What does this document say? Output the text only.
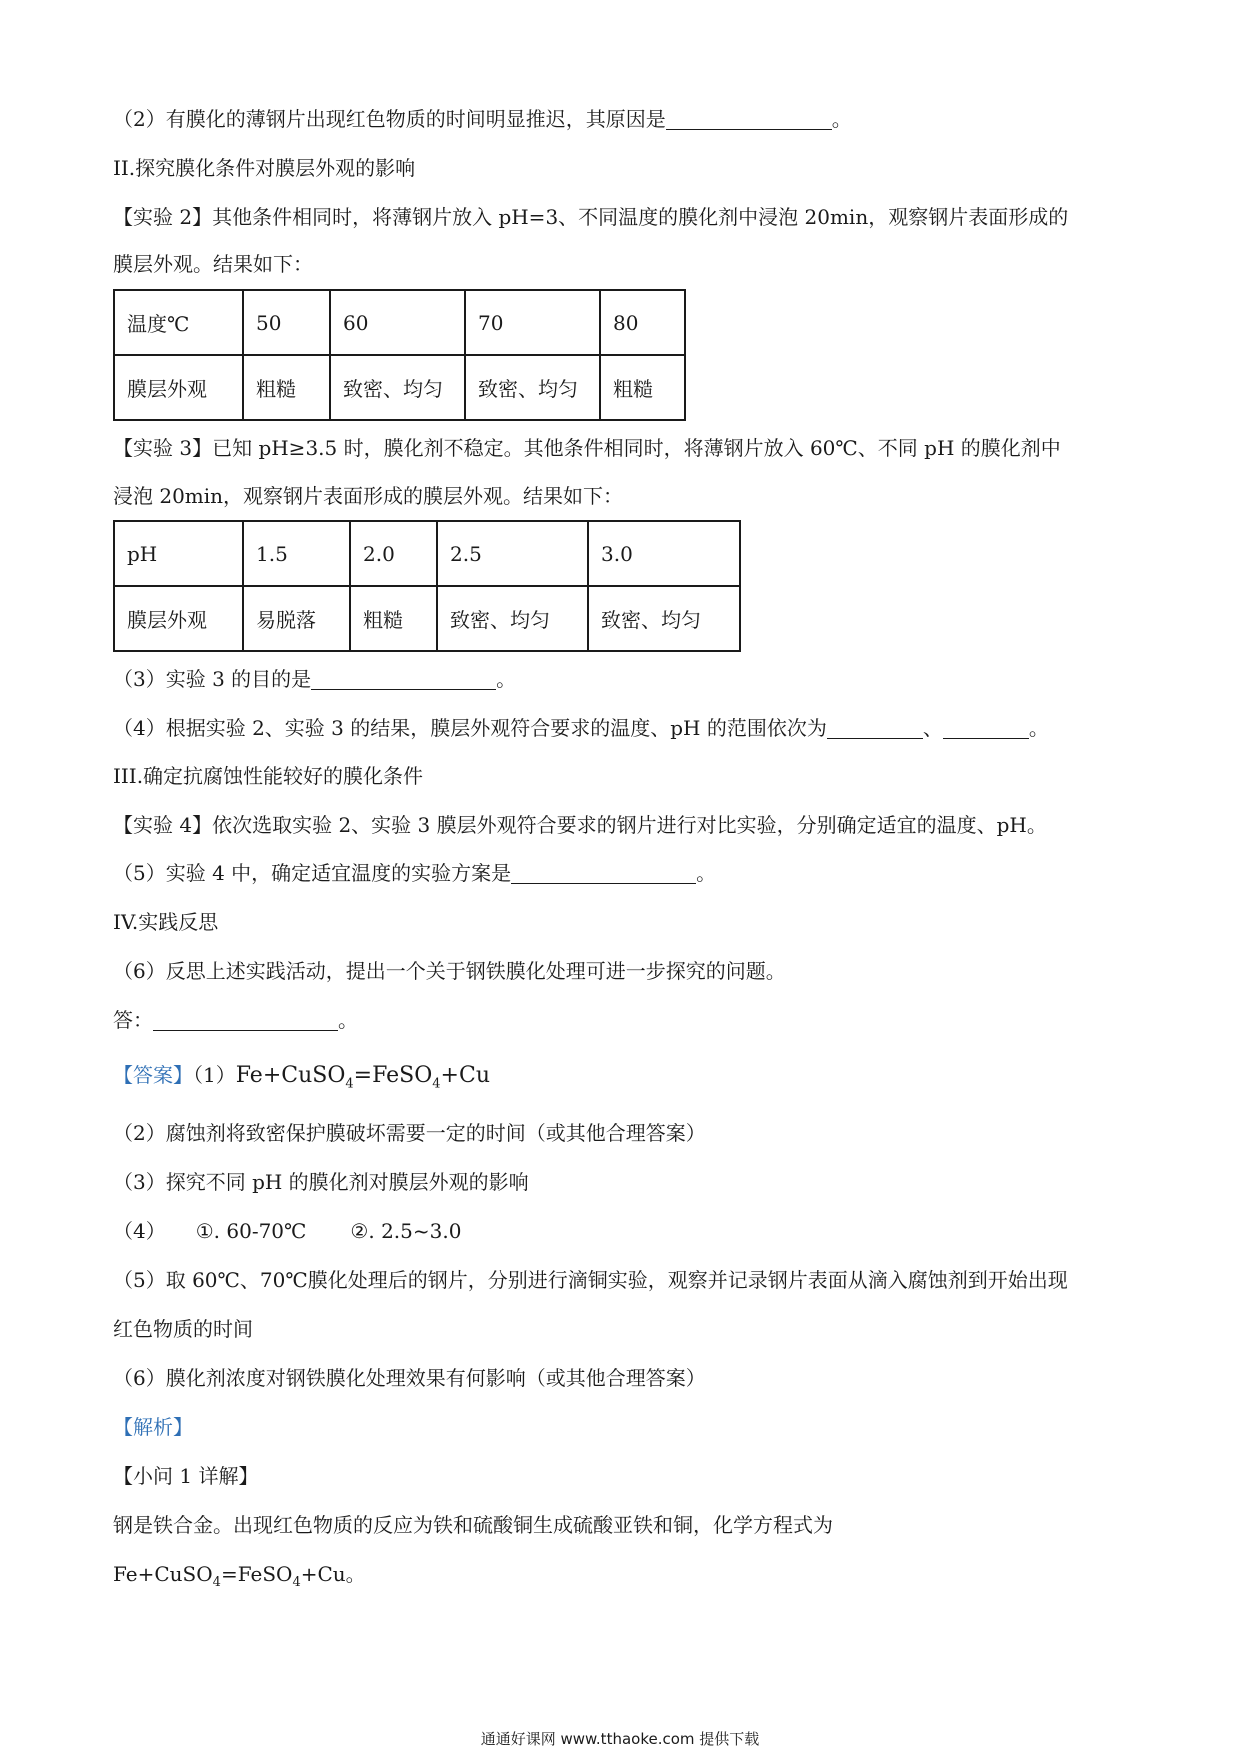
（2）有膜化的薄钢片出现红色物质的时间明显推迟，其原因是	。
II.探究膜化条件对膜层外观的影响
【实验 2】其他条件相同时，将薄钢片放入 pH=3、不同温度的膜化剂中浸泡 20min，观察钢片表面形成的
膜层外观。结果如下：
温度℃	50	60	70	80
膜层外观	粗糙	致密、均匀	致密、均匀	粗糙
【实验 3】已知 pH≥3.5 时，膜化剂不稳定。其他条件相同时，将薄钢片放入 60℃、不同 pH 的膜化剂中
浸泡 20min，观察钢片表面形成的膜层外观。结果如下：
pH	1.5	2.0	2.5	3.0
膜层外观	易脱落	粗糙	致密、均匀	致密、均匀
（3）实验 3 的目的是	。
（4）根据实验 2、实验 3 的结果，膜层外观符合要求的温度、pH 的范围依次为	、	。
III.确定抗腐蚀性能较好的膜化条件
【实验 4】依次选取实验 2、实验 3 膜层外观符合要求的钢片进行对比实验，分别确定适宜的温度、pH。
（5）实验 4 中，确定适宜温度的实验方案是	。
IV.实践反思
（6）反思上述实践活动，提出一个关于钢铁膜化处理可进一步探究的问题。
答：	。
【答案】（1）Fe+CuSO$_4$=FeSO$_4$+Cu
（2）腐蚀剂将致密保护膜破坏需要一定的时间（或其他合理答案）
（3）探究不同 pH 的膜化剂对膜层外观的影响
（4） ①. 60-70℃ ②. 2.5~3.0
（5）取 60℃、70℃膜化处理后的钢片，分别进行滴铜实验，观察并记录钢片表面从滴入腐蚀剂到开始出现
红色物质的时间
（6）膜化剂浓度对钢铁膜化处理效果有何影响（或其他合理答案）
【解析】
【小问 1 详解】
钢是铁合金。出现红色物质的反应为铁和硫酸铜生成硫酸亚铁和铜，化学方程式为
Fe+CuSO$_4$=FeSO$_4$+Cu。
通通好课网 www.tthaoke.com 提供下载
